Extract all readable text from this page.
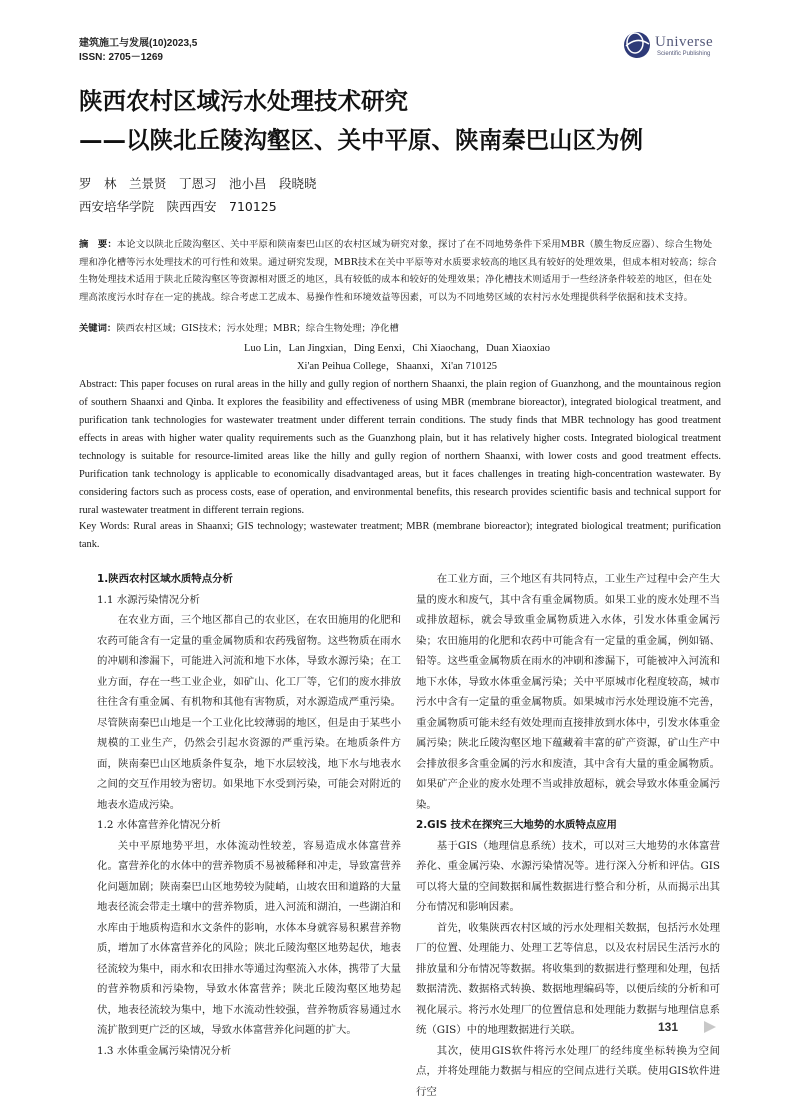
建筑施工与发展(10)2023,5
ISSN: 2705－1269
Universe
Scientific Publishing
陕西农村区域污水处理技术研究
——以陕北丘陵沟壑区、关中平原、陕南秦巴山区为例
罗　林　兰景贤　丁恩习　池小昌　段晓晓
西安培华学院　陕西西安　710125
摘　要：本论文以陕北丘陵沟壑区、关中平原和陕南秦巴山区的农村区域为研究对象，探讨了在不同地势条件下采用MBR（膜生物反应器）、综合生物处理和净化槽等污水处理技术的可行性和效果。通过研究发现，MBR技术在关中平原等对水质要求较高的地区具有较好的处理效果，但成本相对较高；综合生物处理技术适用于陕北丘陵沟壑区等资源相对匮乏的地区，具有较低的成本和较好的处理效果；净化槽技术则适用于一些经济条件较差的地区，但在处理高浓度污水时存在一定的挑战。综合考虑工艺成本、易操作性和环境效益等因素，可以为不同地势区域的农村污水处理提供科学依据和技术支持。
关键词：陕西农村区域；GIS技术；污水处理；MBR；综合生物处理；净化槽
Luo Lin，Lan Jingxian，Ding Eenxi，Chi Xiaochang，Duan Xiaoxiao
Xi'an Peihua College，Shaanxi，Xi'an 710125
Abstract: This paper focuses on rural areas in the hilly and gully region of northern Shaanxi, the plain region of Guanzhong, and the mountainous region of southern Shaanxi and Qinba. It explores the feasibility and effectiveness of using MBR (membrane bioreactor), integrated biological treatment, and purification tank technologies for wastewater treatment under different terrain conditions. The study finds that MBR technology has good treatment effects in areas with higher water quality requirements such as the Guanzhong plain, but it has relatively higher costs. Integrated biological treatment technology is suitable for resource-limited areas like the hilly and gully region of northern Shaanxi, with lower costs and good treatment effects. Purification tank technology is applicable to economically disadvantaged areas, but it faces challenges in treating high-concentration wastewater. By considering factors such as process costs, ease of operation, and environmental benefits, this research provides scientific basis and technical support for rural wastewater treatment in different terrain regions.
Key Words: Rural areas in Shaanxi; GIS technology; wastewater treatment; MBR (membrane bioreactor); integrated biological treatment; purification tank.

1.陕西农村区域水质特点分析

1.1 水源污染情况分析

在农业方面，三个地区都自己的农业区，在农田施用的化肥和农药可能含有一定量的重金属物质和农药残留物。这些物质在雨水的冲刷和渗漏下，可能进入河流和地下水体，导致水源污染；在工业方面，存在一些工业企业，如矿山、化工厂等，它们的废水排放往往含有重金属、有机物和其他有害物质，对水源造成严重污染。尽管陕南秦巴山地是一个工业化比较薄弱的地区，但是由于某些小规模的工业生产，仍然会引起水资源的严重污染。在地质条件方面，陕南秦巴山区地质条件复杂，地下水层较浅，地下水与地表水之间的交互作用较为密切。如果地下水受到污染，可能会对附近的地表水造成污染。

1.2 水体富营养化情况分析

关中平原地势平坦，水体流动性较差，容易造成水体富营养化。富营养化的水体中的营养物质不易被稀释和冲走，导致富营养化问题加剧；陕南秦巴山区地势较为陡峭，山坡农田和道路的大量地表径流会带走土壤中的营养物质，进入河流和湖泊，一些湖泊和水库由于地质构造和水文条件的影响，水体本身就容易积累营养物质，增加了水体富营养化的风险；陕北丘陵沟壑区地势起伏，地表径流较为集中，雨水和农田排水等通过沟壑流入水体，携带了大量的营养物质和污染物，导致水体富营养；陕北丘陵沟壑区地势起伏，地表径流较为集中，地下水流动性较强，营养物质容易通过水流扩散到更广泛的区域，导致水体富营养化问题的扩大。

1.3 水体重金属污染情况分析

在工业方面，三个地区有共同特点，工业生产过程中会产生大量的废水和废气，其中含有重金属物质。如果工业的废水处理不当或排放超标，就会导致重金属物质进入水体，引发水体重金属污染；农田施用的化肥和农药中可能含有一定量的重金属，例如镉、铅等。这些重金属物质在雨水的冲刷和渗漏下，可能被冲入河流和地下水体，导致水体重金属污染；关中平原城市化程度较高，城市污水中含有一定量的重金属物质。如果城市污水处理设施不完善，重金属物质可能未经有效处理而直接排放到水体中，引发水体重金属污染；陕北丘陵沟壑区地下蕴藏着丰富的矿产资源，矿山生产中会排放很多含重金属的污水和废渣，其中含有大量的重金属物质。如果矿产企业的废水处理不当或排放超标，就会导致水体重金属污染。

2.GIS 技术在探究三大地势的水质特点应用

基于GIS（地理信息系统）技术，可以对三大地势的水体富营养化、重金属污染、水源污染情况等。进行深入分析和评估。GIS可以将大量的空间数据和属性数据进行整合和分析，从而揭示出其分布情况和影响因素。

首先，收集陕西农村区域的污水处理相关数据，包括污水处理厂的位置、处理能力、处理工艺等信息，以及农村居民生活污水的排放量和分布情况等数据。将收集到的数据进行整理和处理，包括数据清洗、数据格式转换、数据地理编码等，以便后续的分析和可视化展示。将污水处理厂的位置信息和处理能力数据与地理信息系统（GIS）中的地理数据进行关联。

其次，使用GIS软件将污水处理厂的经纬度坐标转换为空间点，并将处理能力数据与相应的空间点进行关联。使用GIS软件进行空

131
